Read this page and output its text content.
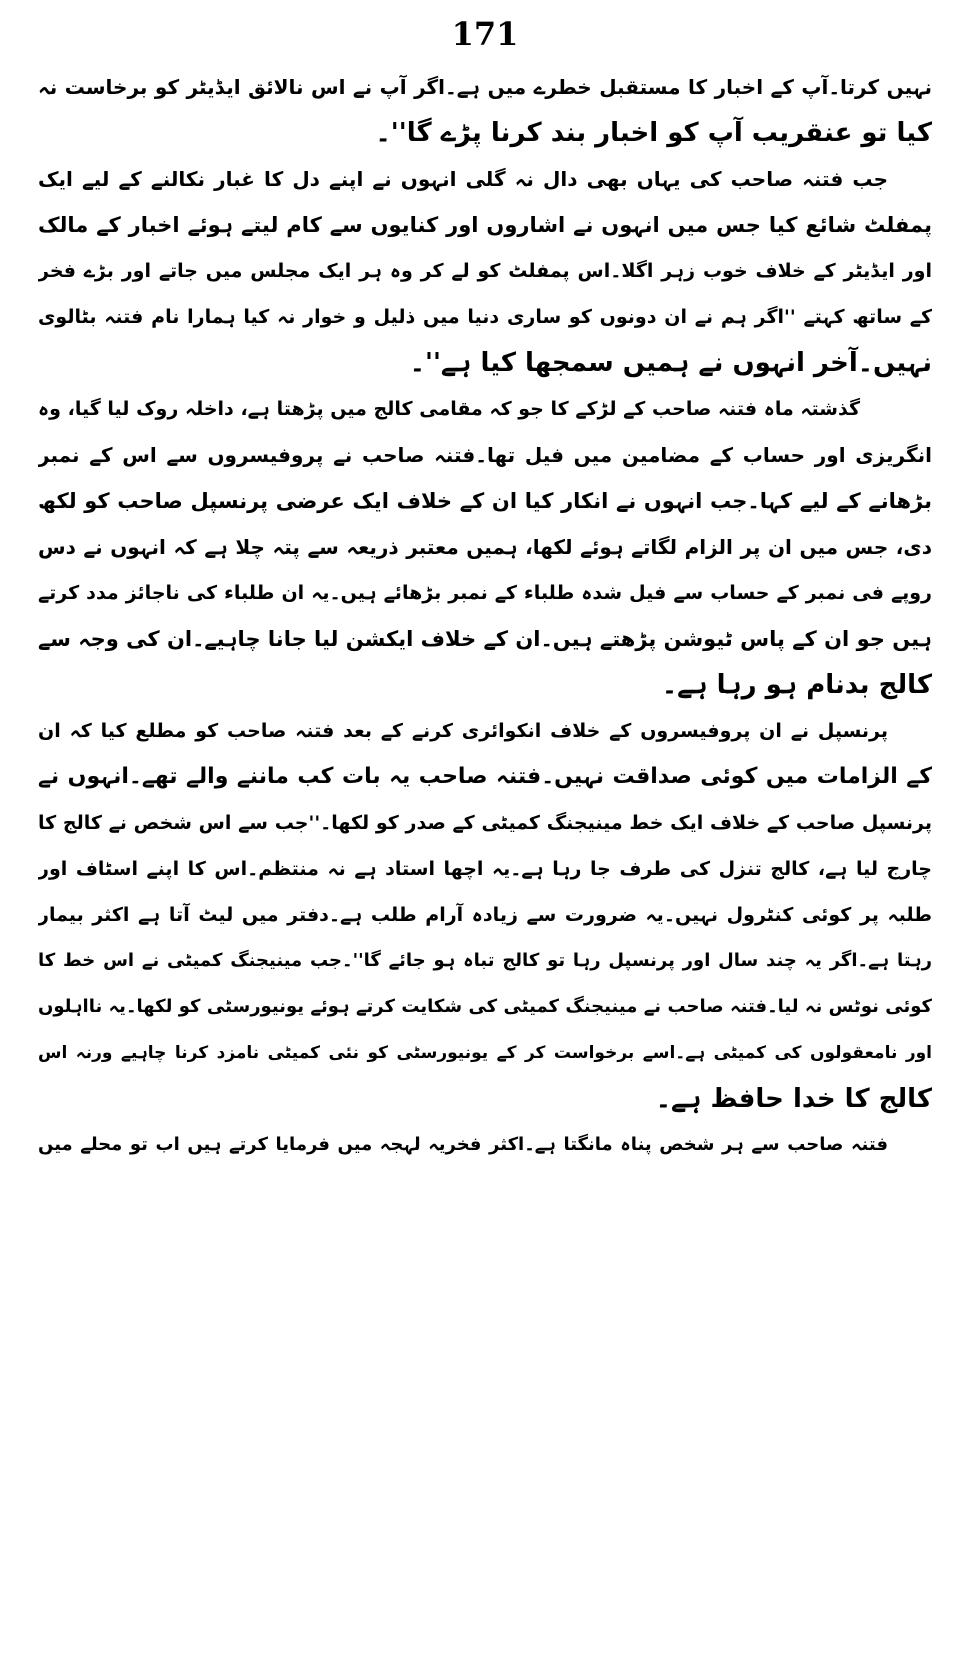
171
نہیں کرتا۔آپ کے اخبار کا مستقبل خطرے میں ہے۔اگر آپ نے اس نالائق ایڈیٹر کو برخاست نہ
کیا تو عنقریب آپ کو اخبار بند کرنا پڑے گا''۔
جب فتنہ صاحب کی یہاں بھی دال نہ گلی انہوں نے اپنے دل کا غبار نکالنے کے لیے ایک
پمفلٹ شائع کیا جس میں انہوں نے اشاروں اور کنایوں سے کام لیتے ہوئے اخبار کے مالک
اور ایڈیٹر کے خلاف خوب زہر اگلا۔اس پمفلٹ کو لے کر وہ ہر ایک مجلس میں جاتے اور بڑے فخر
کے ساتھ کہتے ''اگر ہم نے ان دونوں کو ساری دنیا میں ذلیل و خوار نہ کیا ہمارا نام فتنہ بٹالوی
نہیں۔آخر انہوں نے ہمیں سمجھا کیا ہے''۔
گذشتہ ماہ فتنہ صاحب کے لڑکے کا جو کہ مقامی کالج میں پڑھتا ہے، داخلہ روک لیا گیا، وہ
انگریزی اور حساب کے مضامین میں فیل تھا۔فتنہ صاحب نے پروفیسروں سے اس کے نمبر
بڑھانے کے لیے کہا۔جب انہوں نے انکار کیا ان کے خلاف ایک عرضی پرنسپل صاحب کو لکھ
دی، جس میں ان پر الزام لگاتے ہوئے لکھا، ہمیں معتبر ذریعہ سے پتہ چلا ہے کہ انہوں نے دس
روپے فی نمبر کے حساب سے فیل شدہ طلباء کے نمبر بڑھائے ہیں۔یہ ان طلباء کی ناجائز مدد کرتے
ہیں جو ان کے پاس ٹیوشن پڑھتے ہیں۔ان کے خلاف ایکشن لیا جانا چاہیے۔ان کی وجہ سے
کالج بدنام ہو رہا ہے۔
پرنسپل نے ان پروفیسروں کے خلاف انکوائری کرنے کے بعد فتنہ صاحب کو مطلع کیا کہ ان
کے الزامات میں کوئی صداقت نہیں۔فتنہ صاحب یہ بات کب ماننے والے تھے۔انہوں نے
پرنسپل صاحب کے خلاف ایک خط مینیجنگ کمیٹی کے صدر کو لکھا۔''جب سے اس شخص نے کالج کا
چارج لیا ہے، کالج تنزل کی طرف جا رہا ہے۔یہ اچھا استاد ہے نہ منتظم۔اس کا اپنے اسٹاف اور
طلبہ پر کوئی کنٹرول نہیں۔یہ ضرورت سے زیادہ آرام طلب ہے۔دفتر میں لیٹ آتا ہے اکثر بیمار
رہتا ہے۔اگر یہ چند سال اور پرنسپل رہا تو کالج تباہ ہو جائے گا''۔جب مینیجنگ کمیٹی نے اس خط کا
کوئی نوٹس نہ لیا۔فتنہ صاحب نے مینیجنگ کمیٹی کی شکایت کرتے ہوئے یونیورسٹی کو لکھا۔یہ نااہلوں
اور نامعقولوں کی کمیٹی ہے۔اسے برخواست کر کے یونیورسٹی کو نئی کمیٹی نامزد کرنا چاہیے ورنہ اس
کالج کا خدا حافظ ہے۔
فتنہ صاحب سے ہر شخص پناہ مانگتا ہے۔اکثر فخریہ لہجہ میں فرمایا کرتے ہیں اب تو محلے میں
